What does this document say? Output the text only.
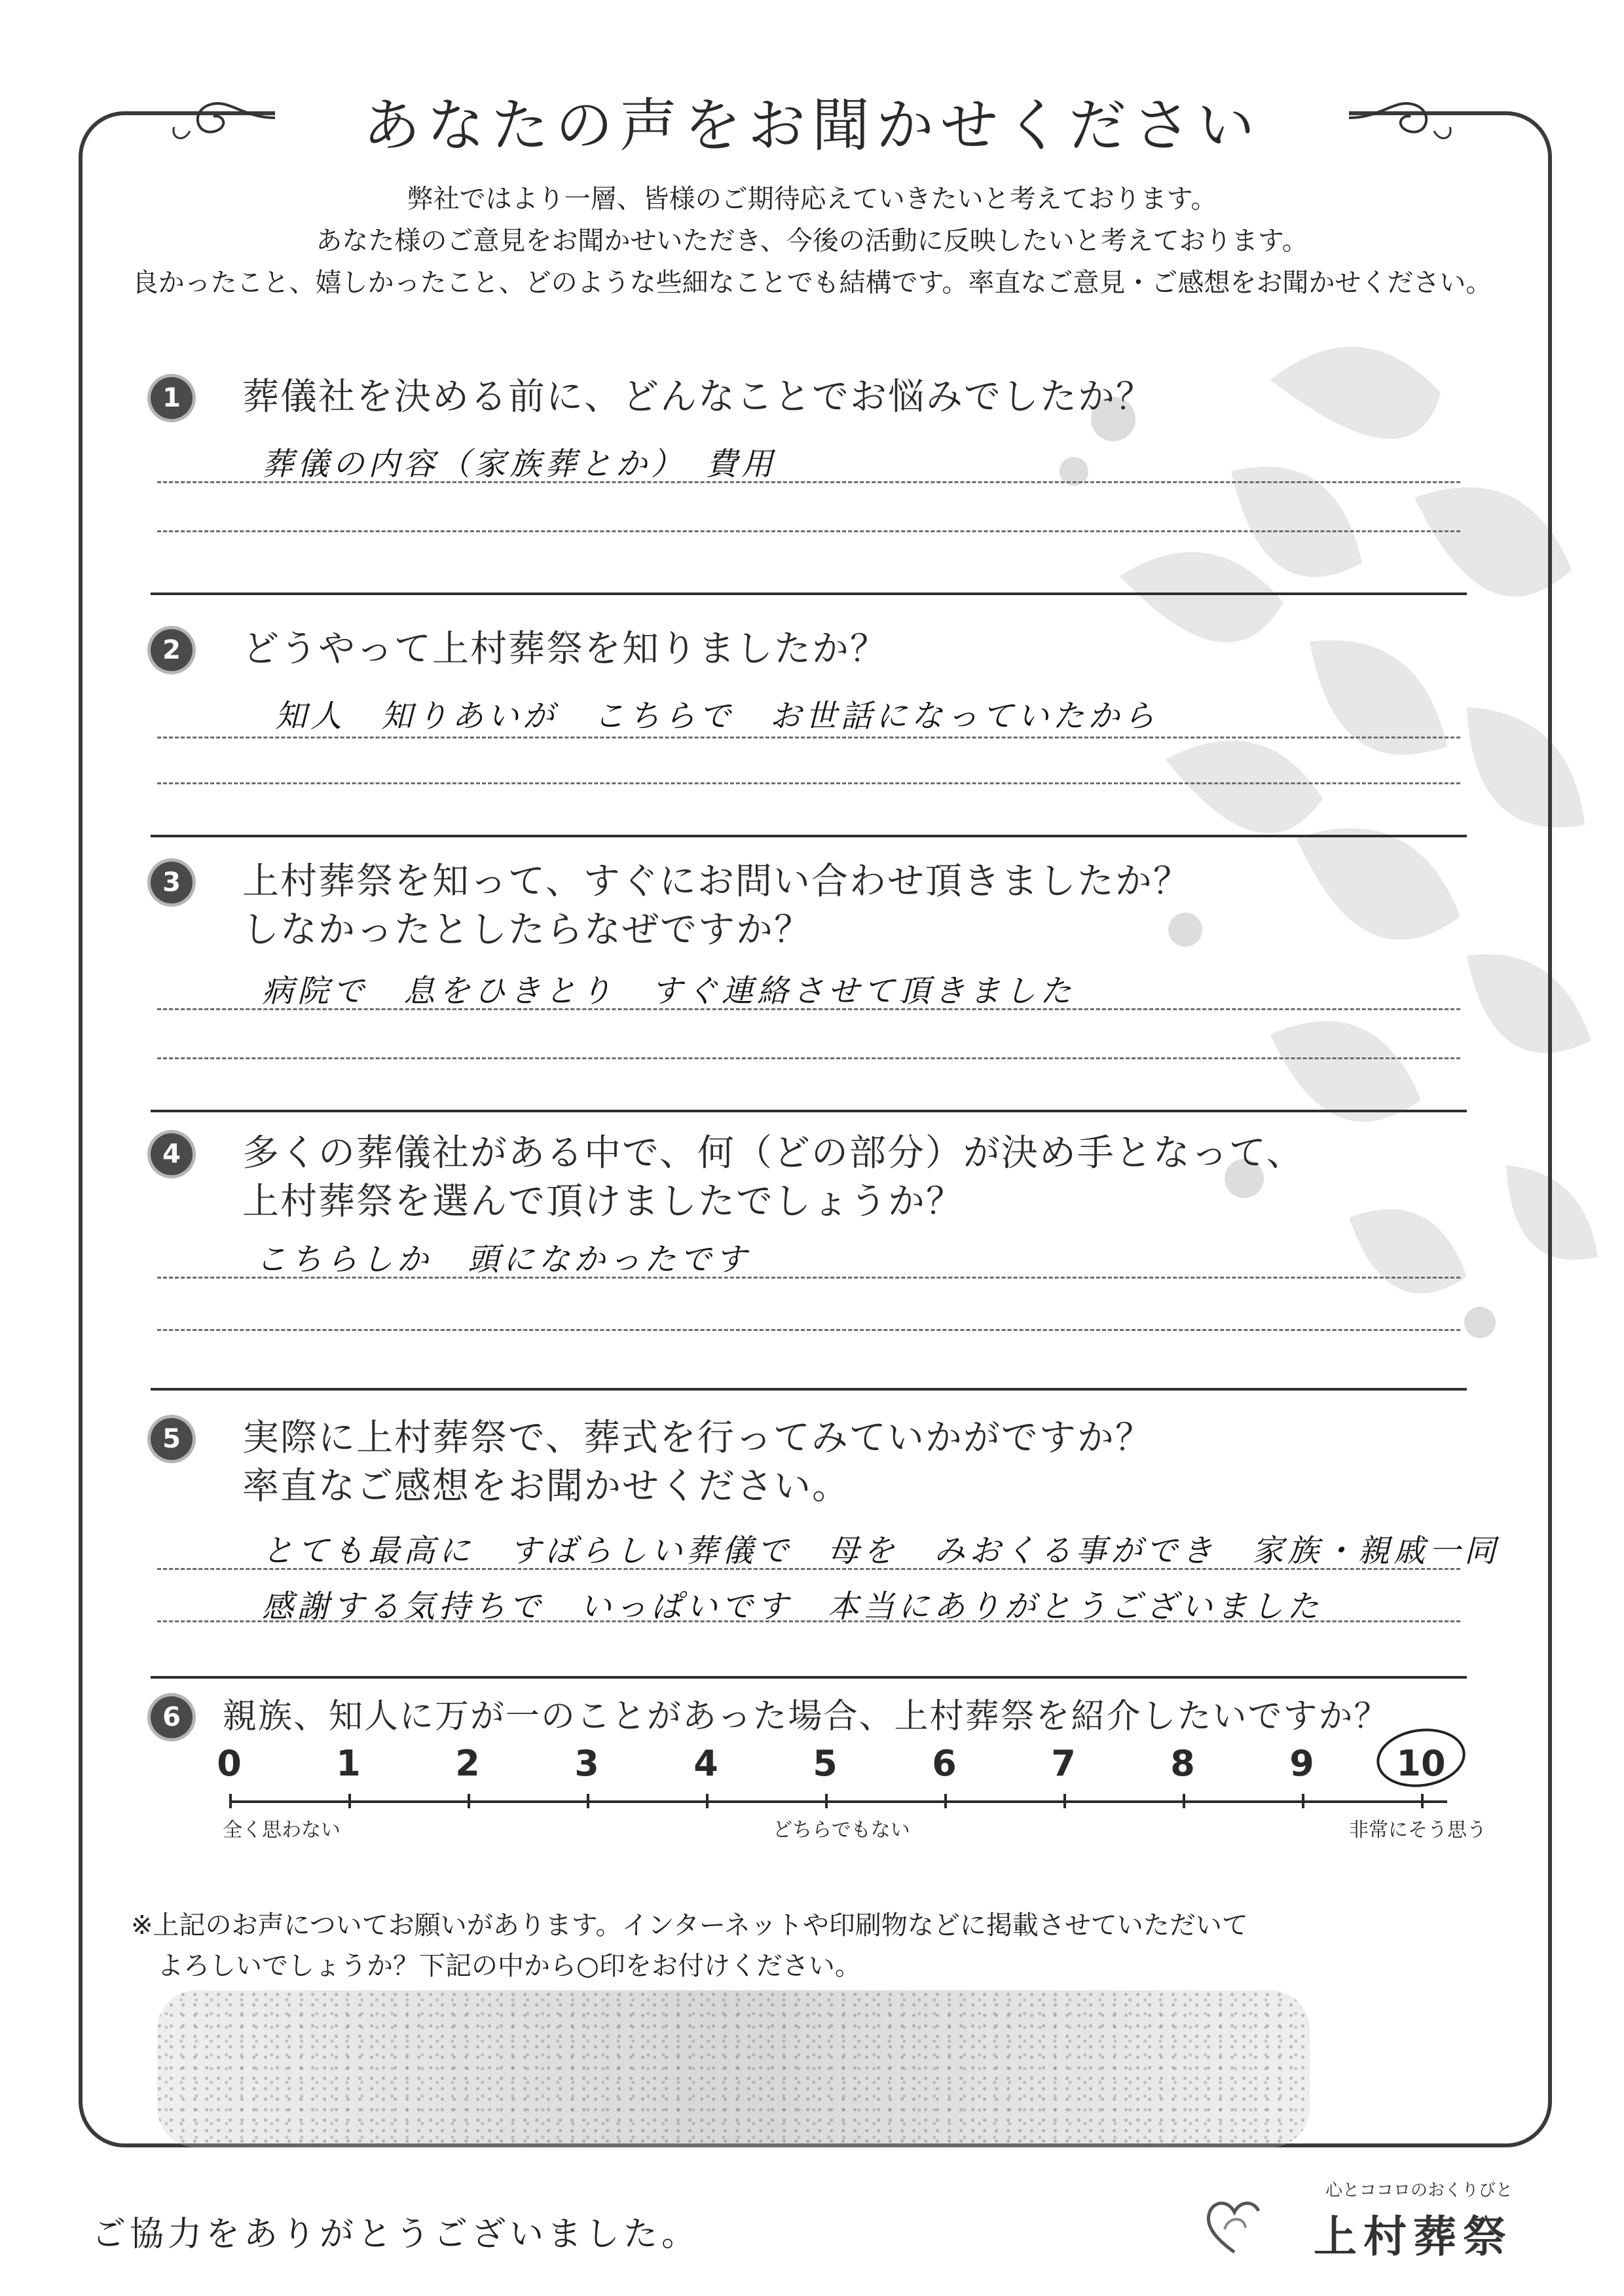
あなたの声をお聞かせください
弊社ではより一層、皆様のご期待応えていきたいと考えております。
あなた様のご意見をお聞かせいただき、今後の活動に反映したいと考えております。
良かったこと、嬉しかったこと、どのような些細なことでも結構です。率直なご意見・ご感想をお聞かせください。
1	葬儀社を決める前に、どんなことでお悩みでしたか？
葬儀の内容（家族葬とか）　費用
2	どうやって上村葬祭を知りましたか？
知人　知りあいが　こちらで　お世話になっていたから
3	上村葬祭を知って、すぐにお問い合わせ頂きましたか？
しなかったとしたらなぜですか？
病院で　息をひきとり　すぐ連絡させて頂きました
4	多くの葬儀社がある中で、何（どの部分）が決め手となって、
上村葬祭を選んで頂けましたでしょうか？
こちらしか　頭になかったです
5	実際に上村葬祭で、葬式を行ってみていかがですか？
率直なご感想をお聞かせください。
とても最高に　すばらしい葬儀で　母を　みおくる事ができ　家族・親戚一同
感謝する気持ちで　いっぱいです　本当にありがとうございました
6	親族、知人に万が一のことがあった場合、上村葬祭を紹介したいですか？
全く思わない	どちらでもない	非常にそう思う
0	1	2	3	4	5	6	7	8	9	10
※上記のお声についてお願いがあります。インターネットや印刷物などに掲載させていただいて
　よろしいでしょうか？下記の中から○印をお付けください。
ご協力をありがとうございました。
心とココロのおくりびと
上村葬祭
